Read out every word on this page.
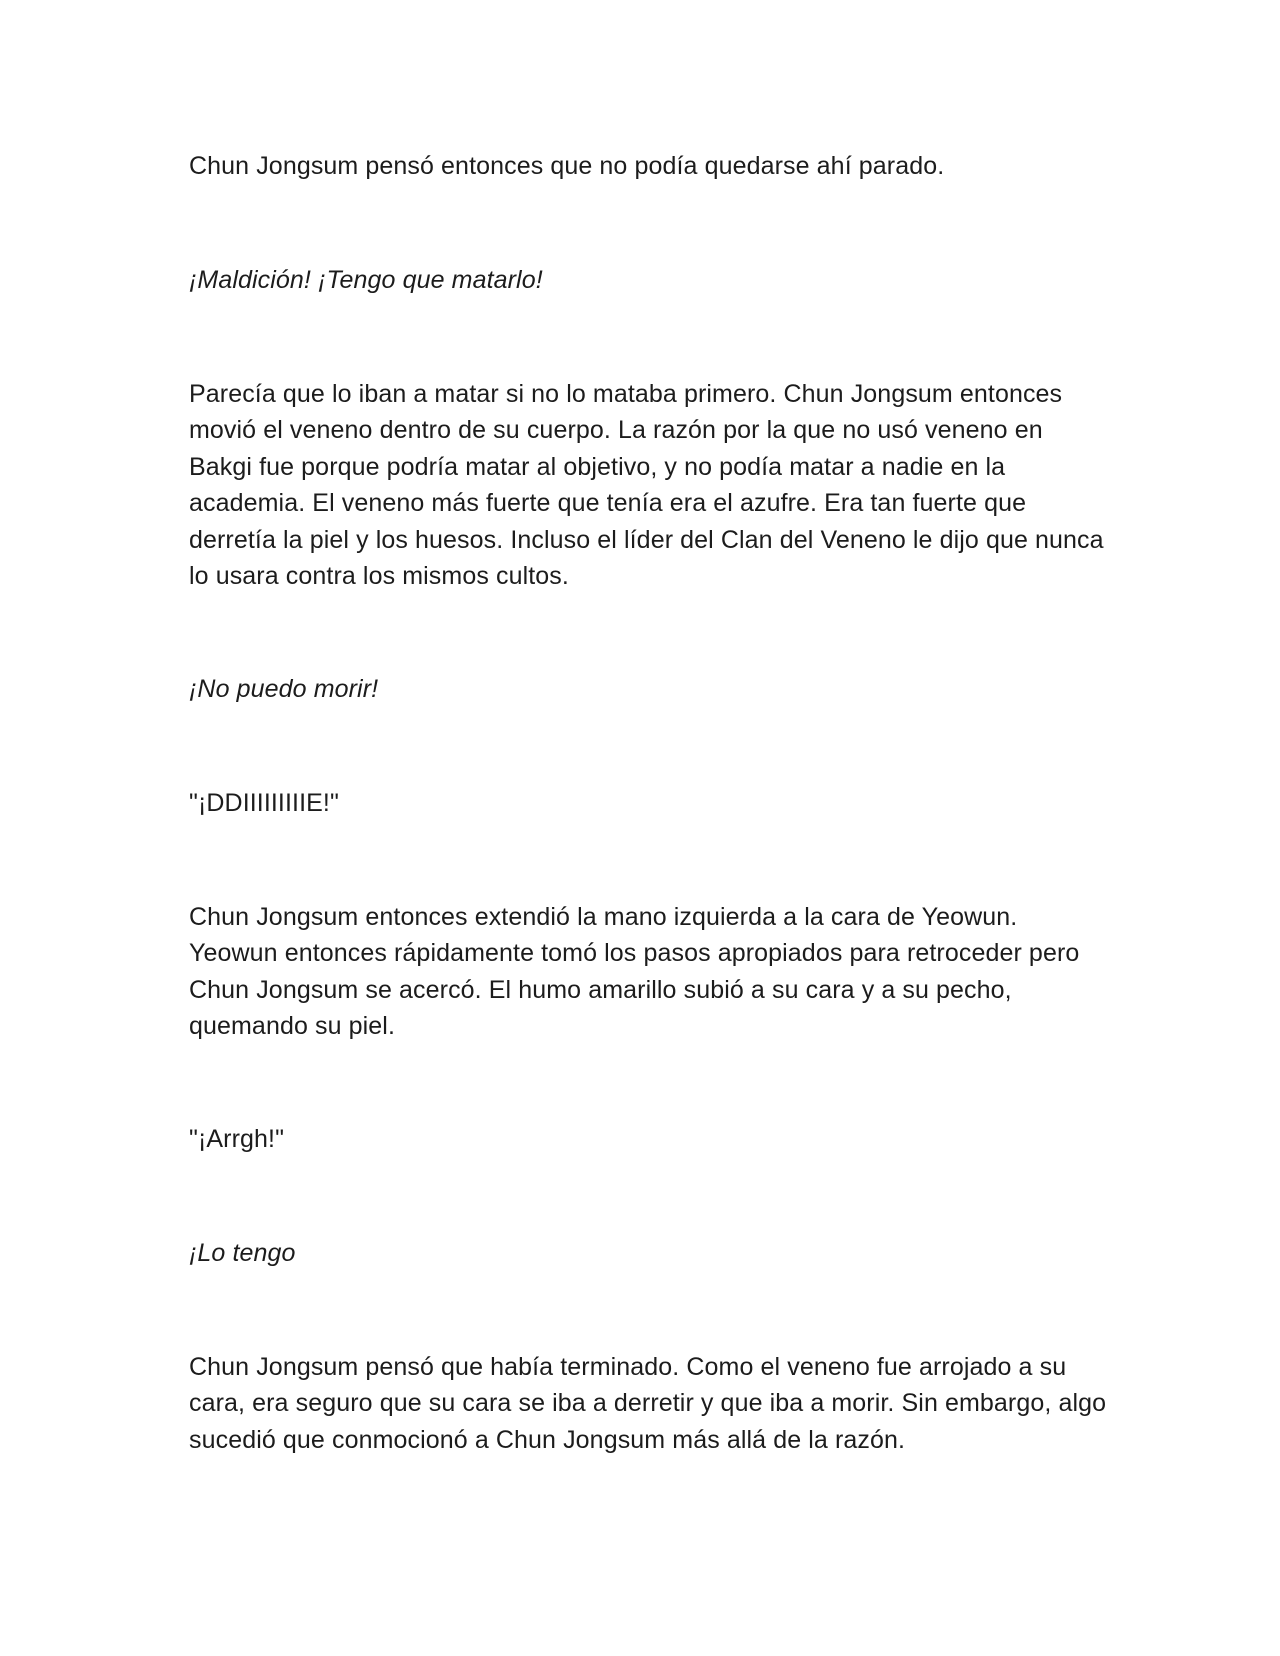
Chun Jongsum pensó entonces que no podía quedarse ahí parado.

¡Maldición! ¡Tengo que matarlo!

Parecía que lo iban a matar si no lo mataba primero. Chun Jongsum entonces movió el veneno dentro de su cuerpo. La razón por la que no usó veneno en Bakgi fue porque podría matar al objetivo, y no podía matar a nadie en la academia. El veneno más fuerte que tenía era el azufre. Era tan fuerte que derretía la piel y los huesos. Incluso el líder del Clan del Veneno le dijo que nunca lo usara contra los mismos cultos.

¡No puedo morir!

"¡DDIIIIIIIIIE!"

Chun Jongsum entonces extendió la mano izquierda a la cara de Yeowun. Yeowun entonces rápidamente tomó los pasos apropiados para retroceder pero Chun Jongsum se acercó. El humo amarillo subió a su cara y a su pecho, quemando su piel.

"¡Arrgh!"

¡Lo tengo

Chun Jongsum pensó que había terminado. Como el veneno fue arrojado a su cara, era seguro que su cara se iba a derretir y que iba a morir. Sin embargo, algo sucedió que conmocionó a Chun Jongsum más allá de la razón.
